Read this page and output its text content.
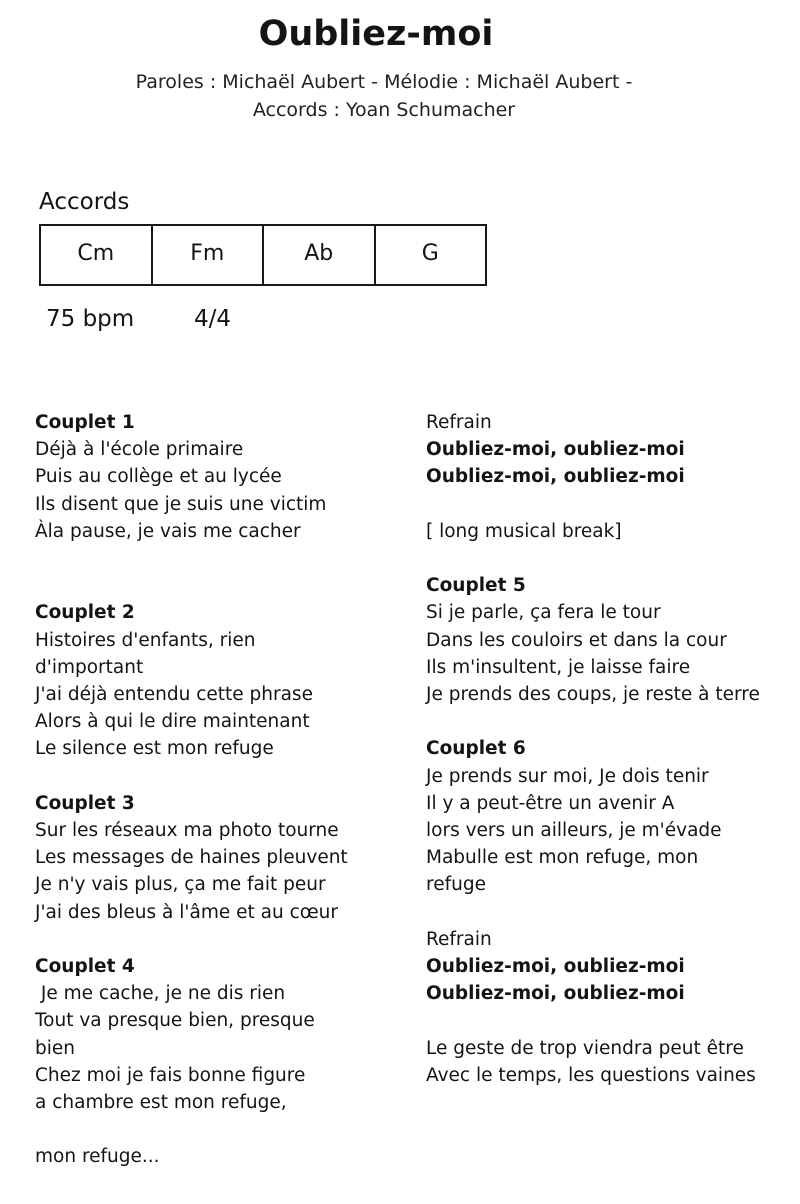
Oubliez-moi

Paroles : Michaël Aubert - Mélodie : Michaël Aubert -
Accords : Yoan Schumacher

Accords
Cm	Fm	Ab	G
75 bpm	4/4
Couplet 1
Déjà à l'école primaire
Puis au collège et au lycée
Ils disent que je suis une victim
Àla pause, je vais me cacher
Couplet 2
Histoires d'enfants, rien
d'important
J'ai déjà entendu cette phrase
Alors à qui le dire maintenant
Le silence est mon refuge
Couplet 3
Sur les réseaux ma photo tourne
Les messages de haines pleuvent
Je n'y vais plus, ça me fait peur
J'ai des bleus à l'âme et au cœur
Couplet 4
Je me cache, je ne dis rien
Tout va presque bien, presque
bien
Chez moi je fais bonne figure
a chambre est mon refuge,
mon refuge...
Refrain
Oubliez-moi, oubliez-moi
Oubliez-moi, oubliez-moi
[ long musical break]
Couplet 5
Si je parle, ça fera le tour
Dans les couloirs et dans la cour
Ils m'insultent, je laisse faire
Je prends des coups, je reste à terre
Couplet 6
Je prends sur moi, Je dois tenir
Il y a peut-être un avenir A
lors vers un ailleurs, je m'évade
Mabulle est mon refuge, mon
refuge
Refrain
Oubliez-moi, oubliez-moi
Oubliez-moi, oubliez-moi
Le geste de trop viendra peut être
Avec le temps, les questions vaines
